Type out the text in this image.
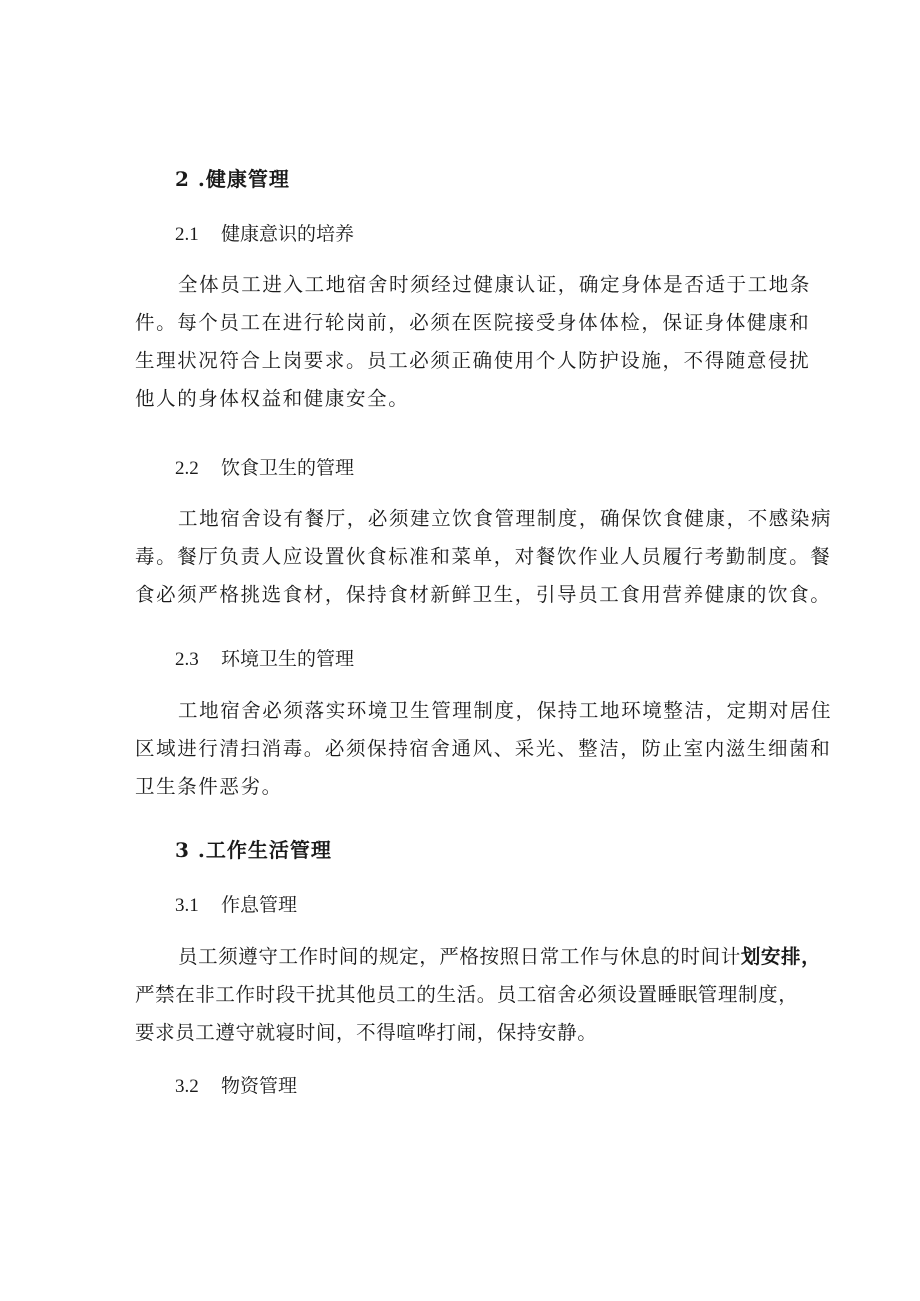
2 .健康管理
2.1 健康意识的培养
全体员工进入工地宿舍时须经过健康认证，确定身体是否适于工地条
件。每个员工在进行轮岗前，必须在医院接受身体体检，保证身体健康和
生理状况符合上岗要求。员工必须正确使用个人防护设施，不得随意侵扰
他人的身体权益和健康安全。
2.2 饮食卫生的管理
工地宿舍设有餐厅，必须建立饮食管理制度，确保饮食健康，不感染病
毒。餐厅负责人应设置伙食标准和菜单，对餐饮作业人员履行考勤制度。餐
食必须严格挑选食材，保持食材新鲜卫生，引导员工食用营养健康的饮食。
2.3 环境卫生的管理
工地宿舍必须落实环境卫生管理制度，保持工地环境整洁，定期对居住
区域进行清扫消毒。必须保持宿舍通风、采光、整洁，防止室内滋生细菌和
卫生条件恶劣。
3 .工作生活管理
3.1 作息管理
员工须遵守工作时间的规定，严格按照日常工作与休息的时间计划安排，
严禁在非工作时段干扰其他员工的生活。员工宿舍必须设置睡眠管理制度，
要求员工遵守就寝时间，不得喧哗打闹，保持安静。
3.2 物资管理
